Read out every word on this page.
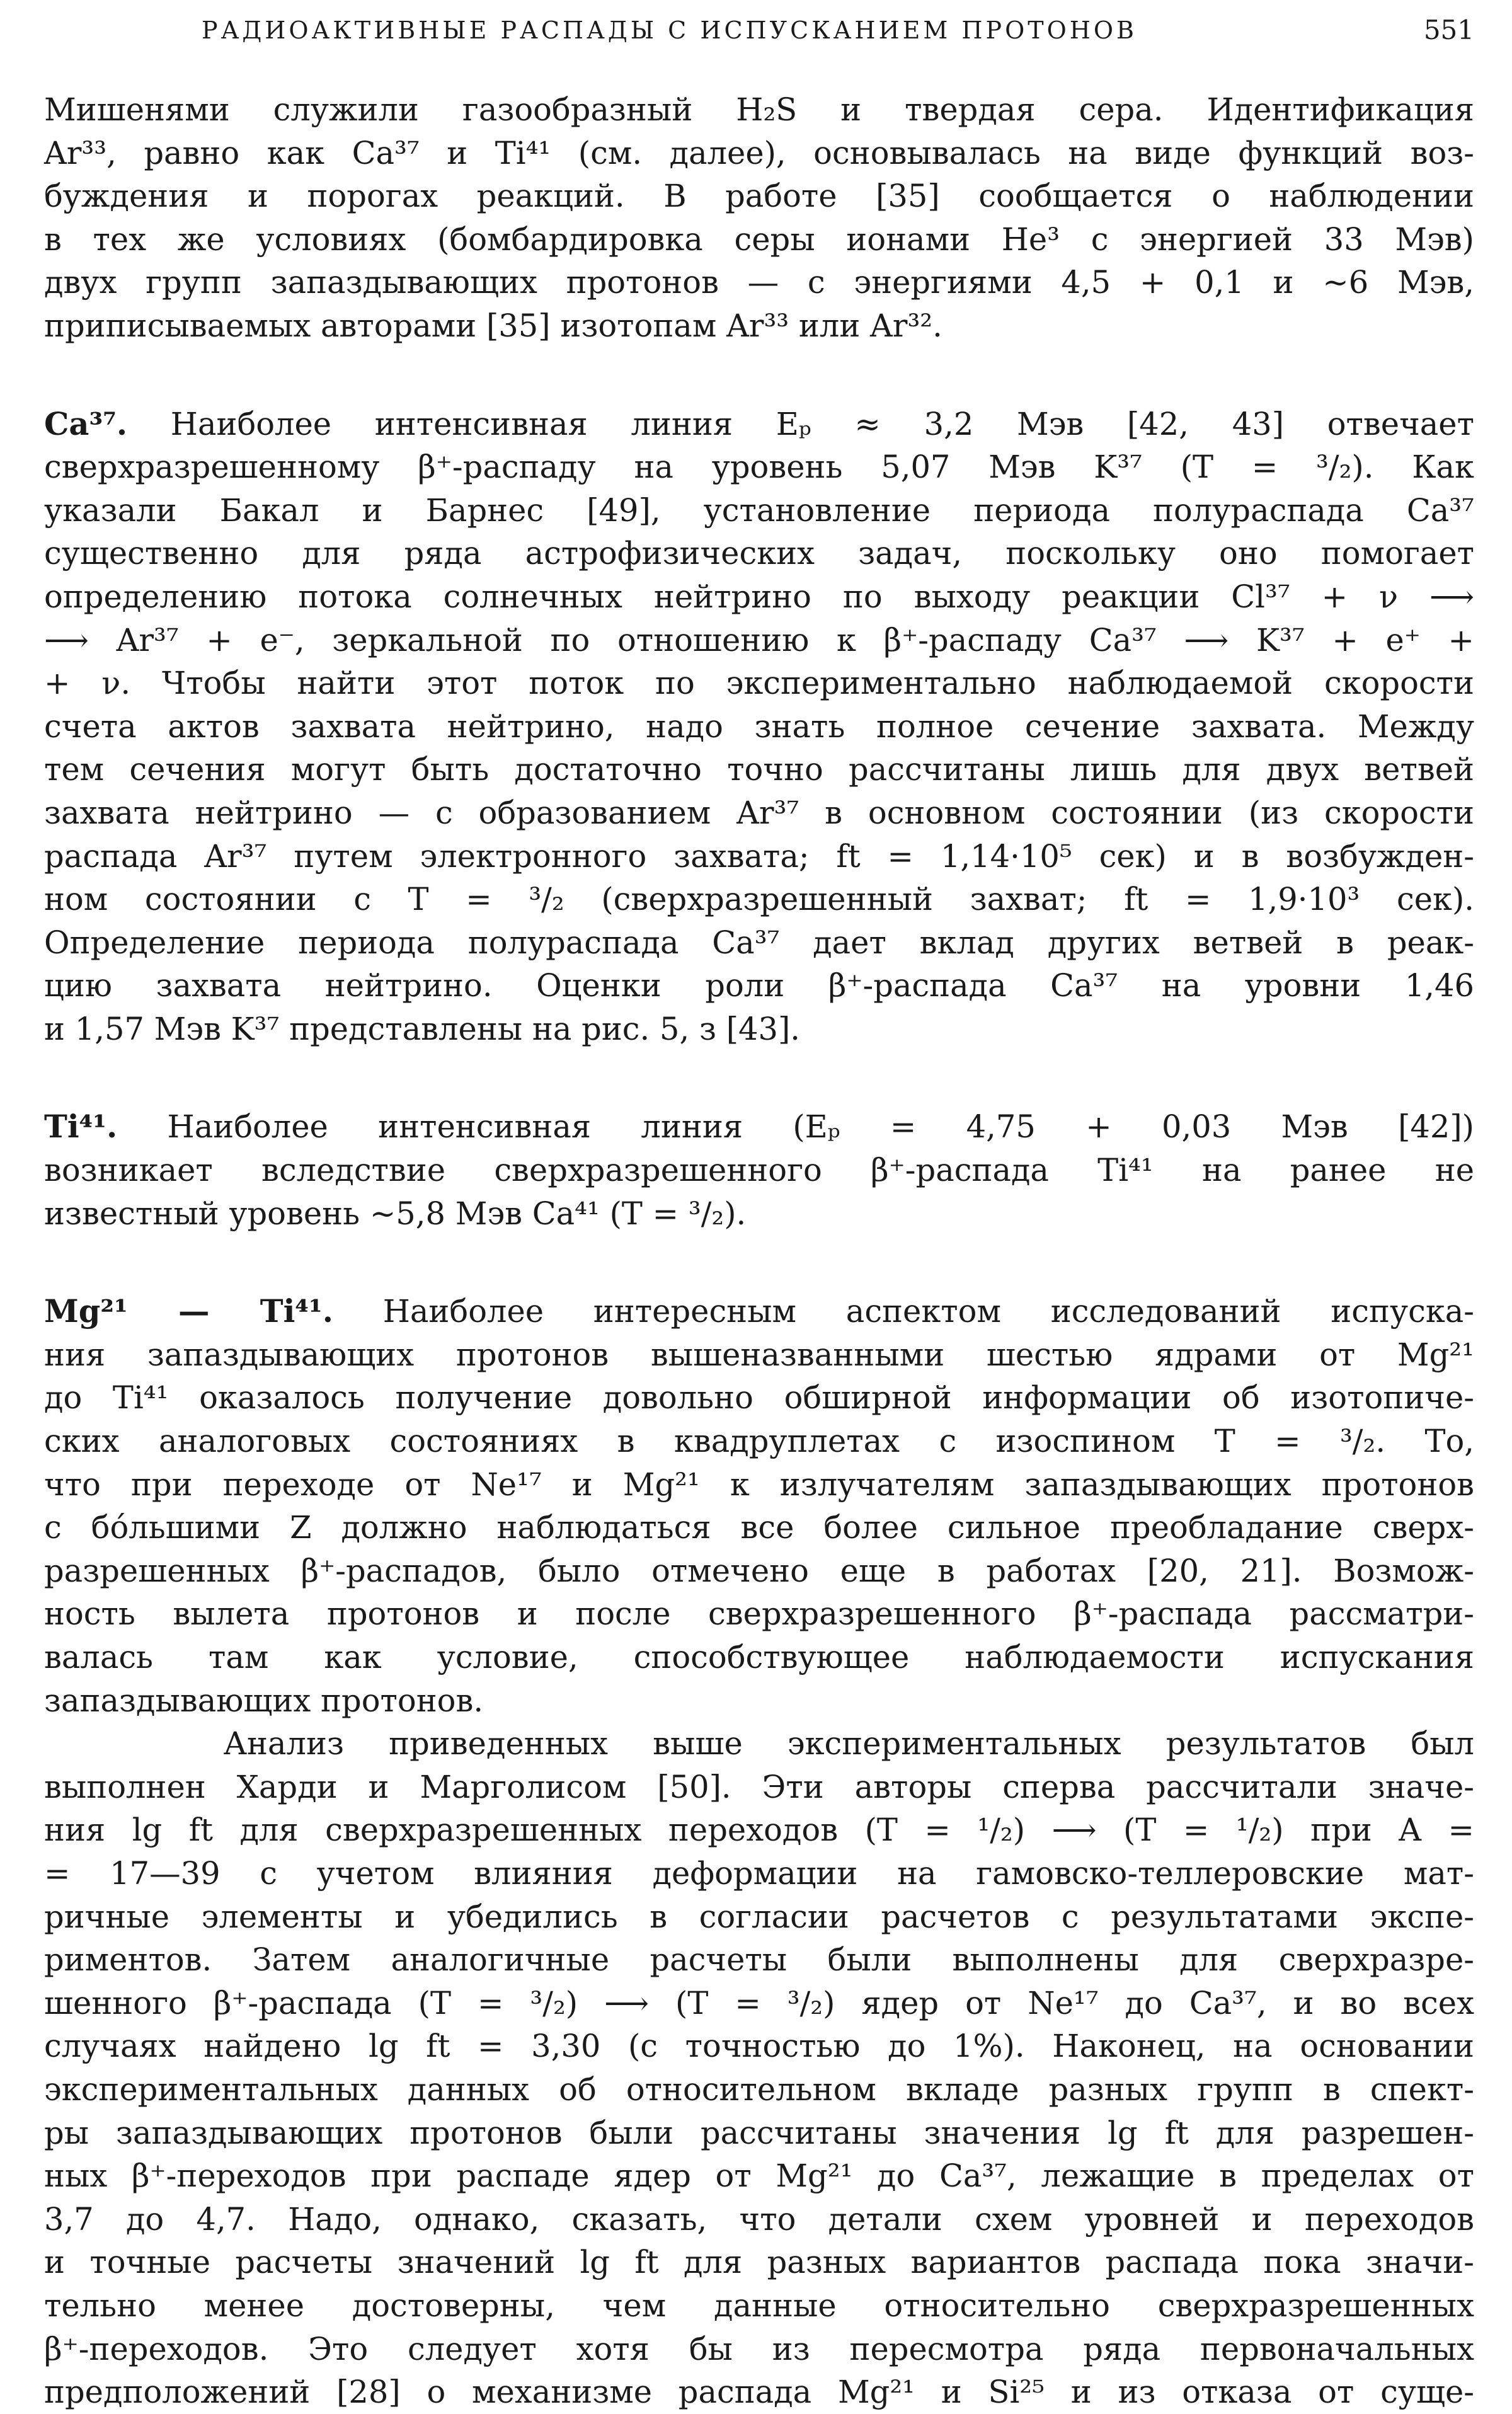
РАДИОАКТИВНЫЕ РАСПАДЫ С ИСПУСКАНИЕМ ПРОТОНОВ	551
Мишенями служили газообразный H₂S и твердая сера. Идентификация
Ar³³, равно как Ca³⁷ и Ti⁴¹ (см. далее), основывалась на виде функций воз-
буждения и порогах реакций. В работе [35] сообщается о наблюдении
в тех же условиях (бомбардировка серы ионами He³ с энергией 33 Мэв)
двух групп запаздывающих протонов — с энергиями 4,5 + 0,1 и ~6 Мэв,
приписываемых авторами [35] изотопам Ar³³ или Ar³².
Ca³⁷. Наиболее интенсивная линия Eₚ ≈ 3,2 Мэв [42, 43] отвечает
сверхразрешенному β⁺-распаду на уровень 5,07 Мэв K³⁷ (T = ³/₂). Как
указали Бакал и Барнес [49], установление периода полураспада Ca³⁷
существенно для ряда астрофизических задач, поскольку оно помогает
определению потока солнечных нейтрино по выходу реакции Cl³⁷ + ν ⟶
⟶ Ar³⁷ + e⁻, зеркальной по отношению к β⁺-распаду Ca³⁷ ⟶ K³⁷ + e⁺ +
+ ν. Чтобы найти этот поток по экспериментально наблюдаемой скорости
счета актов захвата нейтрино, надо знать полное сечение захвата. Между
тем сечения могут быть достаточно точно рассчитаны лишь для двух ветвей
захвата нейтрино — с образованием Ar³⁷ в основном состоянии (из скорости
распада Ar³⁷ путем электронного захвата; ft = 1,14·10⁵ сек) и в возбужден-
ном состоянии с T = ³/₂ (сверхразрешенный захват; ft = 1,9·10³ сек).
Определение периода полураспада Ca³⁷ дает вклад других ветвей в реак-
цию захвата нейтрино. Оценки роли β⁺-распада Ca³⁷ на уровни 1,46
и 1,57 Мэв K³⁷ представлены на рис. 5, з [43].
Ti⁴¹. Наиболее интенсивная линия (Eₚ = 4,75 + 0,03 Мэв [42])
возникает вследствие сверхразрешенного β⁺-распада Ti⁴¹ на ранее не
известный уровень ~5,8 Мэв Ca⁴¹ (T = ³/₂).
Mg²¹ — Ti⁴¹. Наиболее интересным аспектом исследований испуска-
ния запаздывающих протонов вышеназванными шестью ядрами от Mg²¹
до Ti⁴¹ оказалось получение довольно обширной информации об изотопиче-
ских аналоговых состояниях в квадруплетах с изоспином T = ³/₂. То,
что при переходе от Ne¹⁷ и Mg²¹ к излучателям запаздывающих протонов
с бóльшими Z должно наблюдаться все более сильное преобладание сверх-
разрешенных β⁺-распадов, было отмечено еще в работах [20, 21]. Возмож-
ность вылета протонов и после сверхразрешенного β⁺-распада рассматри-
валась там как условие, способствующее наблюдаемости испускания
запаздывающих протонов.
Анализ приведенных выше экспериментальных результатов был
выполнен Харди и Марголисом [50]. Эти авторы сперва рассчитали значе-
ния lg ft для сверхразрешенных переходов (T = ¹/₂) ⟶ (T = ¹/₂) при A =
= 17—39 с учетом влияния деформации на гамовско-теллеровские мат-
ричные элементы и убедились в согласии расчетов с результатами экспе-
риментов. Затем аналогичные расчеты были выполнены для сверхразре-
шенного β⁺-распада (T = ³/₂) ⟶ (T = ³/₂) ядер от Ne¹⁷ до Ca³⁷, и во всех
случаях найдено lg ft = 3,30 (с точностью до 1%). Наконец, на основании
экспериментальных данных об относительном вкладе разных групп в спект-
ры запаздывающих протонов были рассчитаны значения lg ft для разрешен-
ных β⁺-переходов при распаде ядер от Mg²¹ до Ca³⁷, лежащие в пределах от
3,7 до 4,7. Надо, однако, сказать, что детали схем уровней и переходов
и точные расчеты значений lg ft для разных вариантов распада пока значи-
тельно менее достоверны, чем данные относительно сверхразрешенных
β⁺-переходов. Это следует хотя бы из пересмотра ряда первоначальных
предположений [28] о механизме распада Mg²¹ и Si²⁵ и из отказа от суще-
